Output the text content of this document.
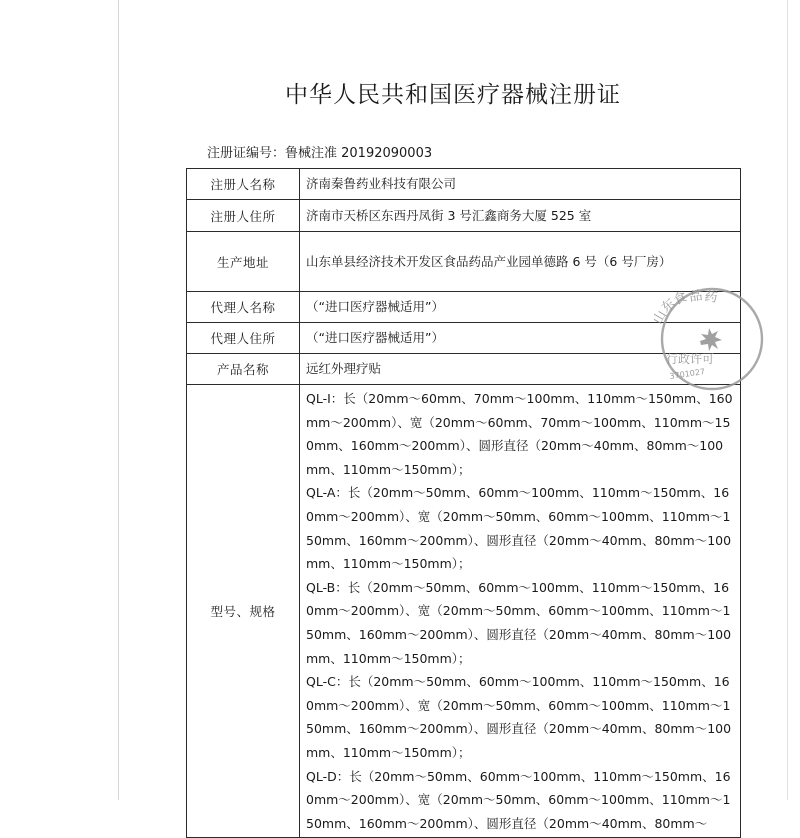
中华人民共和国医疗器械注册证
注册证编号：鲁械注准 20192090003
注册人名称	济南秦鲁药业科技有限公司
注册人住所	济南市天桥区东西丹凤街 3 号汇鑫商务大厦 525 室
生产地址	山东单县经济技术开发区食品药品产业园单德路 6 号（6 号厂房）
代理人名称	（“进口医疗器械适用”）
代理人住所	（“进口医疗器械适用”）
产品名称	远红外理疗贴
型号、规格	QL-I：长（20mm～60mm、70mm～100mm、110mm～150mm、160mm～200mm）、宽（20mm～60mm、70mm～100mm、110mm～150mm、160mm～200mm）、圆形直径（20mm～40mm、80mm～100mm、110mm～150mm）；
QL-A：长（20mm～50mm、60mm～100mm、110mm～150mm、160mm～200mm）、宽（20mm～50mm、60mm～100mm、110mm～150mm、160mm～200mm）、圆形直径（20mm～40mm、80mm～100mm、110mm～150mm）；
QL-B：长（20mm～50mm、60mm～100mm、110mm～150mm、160mm～200mm）、宽（20mm～50mm、60mm～100mm、110mm～150mm、160mm～200mm）、圆形直径（20mm～40mm、80mm～100mm、110mm～150mm）；
QL-C：长（20mm～50mm、60mm～100mm、110mm～150mm、160mm～200mm）、宽（20mm～50mm、60mm～100mm、110mm～150mm、160mm～200mm）、圆形直径（20mm～40mm、80mm～100mm、110mm～150mm）；
QL-D：长（20mm～50mm、60mm～100mm、110mm～150mm、160mm～200mm）、宽（20mm～50mm、60mm～100mm、110mm～150mm、160mm～200mm）、圆形直径（20mm～40mm、80mm～
山
东
食
品 药
行政许可
3701027
